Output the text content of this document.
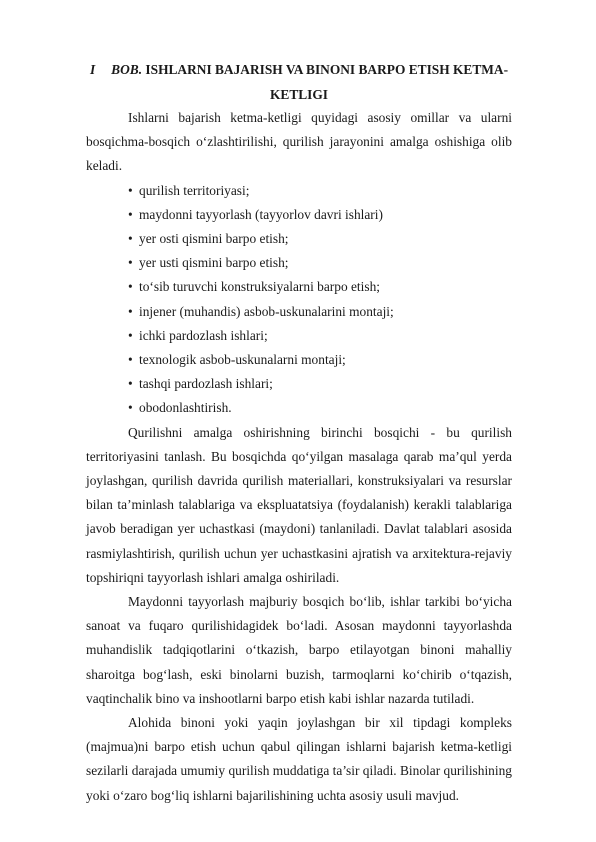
I BOB. ISHLARNI BAJARISH VA BINONI BARPO ETISH KETMA-
KETLIGI

Ishlarni bajarish ketma-ketligi quyidagi asosiy omillar va ularni bosqichma-bosqich o‘zlashtirilishi, qurilish jarayonini amalga oshishiga olib keladi.

• qurilish territoriyasi;
• maydonni tayyorlash (tayyorlov davri ishlari)
• yer osti qismini barpo etish;
• yer usti qismini barpo etish;
• to‘sib turuvchi konstruksiyalarni barpo etish;
• injener (muhandis) asbob-uskunalarini montaji;
• ichki pardozlash ishlari;
• texnologik asbob-uskunalarni montaji;
• tashqi pardozlash ishlari;
• obodonlashtirish.

Qurilishni amalga oshirishning birinchi bosqichi - bu qurilish territoriyasini tanlash. Bu bosqichda qo‘yilgan masalaga qarab ma’qul yerda joylashgan, qurilish davrida qurilish materiallari, konstruksiyalari va resurslar bilan ta’minlash talablariga va ekspluatatsiya (foydalanish) kerakli talablariga javob beradigan yer uchastkasi (maydoni) tanlaniladi. Davlat talablari asosida rasmiylashtirish, qurilish uchun yer uchastkasini ajratish va arxitektura-rejaviy topshiriqni tayyorlash ishlari amalga oshiriladi.

Maydonni tayyorlash majburiy bosqich bo‘lib, ishlar tarkibi bo‘yicha sanoat va fuqaro qurilishidagidek bo‘ladi. Asosan maydonni tayyorlashda muhandislik tadqiqotlarini o‘tkazish, barpo etilayotgan binoni mahalliy sharoitga bog‘lash, eski binolarni buzish, tarmoqlarni ko‘chirib o‘tqazish, vaqtinchalik bino va inshootlarni barpo etish kabi ishlar nazarda tutiladi.

Alohida binoni yoki yaqin joylashgan bir xil tipdagi kompleks (majmua)ni barpo etish uchun qabul qilingan ishlarni bajarish ketma-ketligi sezilarli darajada umumiy qurilish muddatiga ta’sir qiladi. Binolar qurilishining yoki o‘zaro bog‘liq ishlarni bajarilishining uchta asosiy usuli mavjud.
